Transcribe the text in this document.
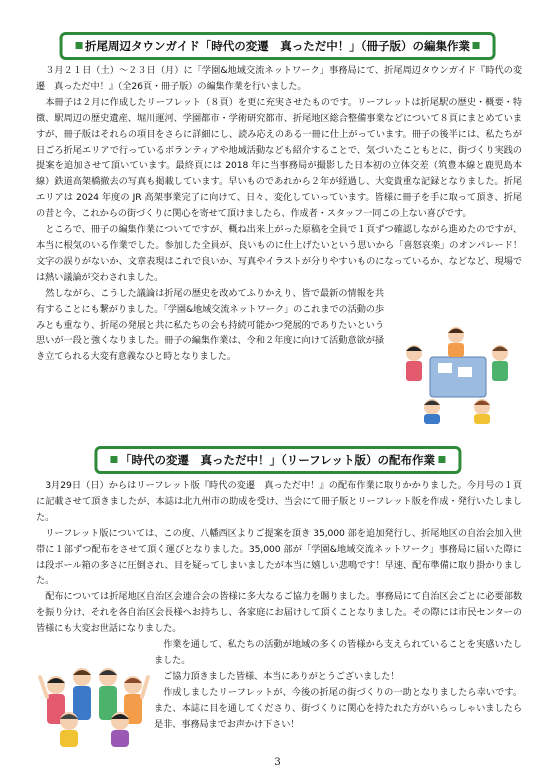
折尾周辺タウンガイド「時代の変遷　真っただ中！」（冊子版）の編集作業

３月２１日（土）～２３日（月）に「学園&地域交流ネットワーク」事務局にて、折尾周辺タウンガイド『時代の変遷　真っただ中！』（全26頁・冊子版）の編集作業を行いました。

本冊子は２月に作成したリーフレット（８頁）を更に充実させたものです。リーフレットは折尾駅の歴史・概要・特徴、駅周辺の歴史遺産、堀川運河、学園都市・学術研究都市、折尾地区総合整備事業などについて８頁にまとめていますが、冊子版はそれらの項目をさらに詳細にし、読み応えのある一冊に仕上がっています。冊子の後半には、私たちが日ごろ折尾エリアで行っているボランティアや地域活動なども紹介することで、気づいたこともとに、街づくり実践の提案を追加させて頂いています。最終頁には 2018 年に当事務局が撮影した日本初の立体交差（筑豊本線と鹿児島本線）鉄道高架橋撤去の写真も掲載しています。早いものであれから２年が経過し、大変貴重な記録となりました。折尾エリアは 2024 年度の JR 高架事業完了に向けて、日々、変化していっています。皆様に冊子を手に取って頂き、折尾の昔と今、これからの街づくりに関心を寄せて頂けましたら、作成者・スタッフ一同この上ない喜びです。

ところで、冊子の編集作業についてですが、概ね出来上がった原稿を全員で１頁ずつ確認しながら進めたのですが、本当に根気のいる作業でした。参加した全員が、良いものに仕上げたいという思いから「喜怒哀楽」のオンパレード！文字の誤りがないか、文章表現はこれで良いか、写真やイラストが分りやすいものになっているか、などなど、現場では熱い議論が交わされました。

然しながら、こうした議論は折尾の歴史を改めてふりかえり、皆で最新の情報を共有することにも繋がりました。「学園&地域交流ネットワーク」のこれまでの活動の歩みとも重なり、折尾の発展と共に私たちの会も持続可能かつ発展的でありたいという思いが一段と強くなりました。冊子の編集作業は、令和２年度に向けて活動意欲が掻き立てられる大変有意義なひと時となりました。

「時代の変遷　真っただ中！」（リーフレット版）の配布作業

3月29日（日）からはリーフレット版『時代の変遷　真っただ中！』の配布作業に取りかかりました。今月号の１頁に記載させて頂きましたが、本誌は北九州市の助成を受け、当会にて冊子版とリーフレット版を作成・発行いたしました。

リーフレット版については、この度、八幡西区よりご提案を頂き 35,000 部を追加発行し、折尾地区の自治会加入世帯に１部ずつ配布をさせて頂く運びとなりました。35,000 部が「学園&地域交流ネットワーク」事務局に届いた際には段ボール箱の多さに圧倒され、目を疑ってしまいましたが本当に嬉しい悲鳴です！早速、配布準備に取り掛かりました。

配布については折尾地区自治区会連合会の皆様に多大なるご協力を賜りました。事務局にて自治区会ごとに必要部数を振り分け、それを各自治区会長様へお持ちし、各家庭にお届けして頂くことなりました。その際には市民センターの皆様にも大変お世話になりました。

作業を通して、私たちの活動が地域の多くの皆様から支えられていることを実感いたしました。

ご協力頂きました皆様、本当にありがとうございました！

作成しましたリーフレットが、今後の折尾の街づくりの一助となりましたら幸いです。また、本誌に目を通してくださり、街づくりに関心を持たれた方がいらっしゃいましたら是非、事務局までお声かけ下さい！

3
